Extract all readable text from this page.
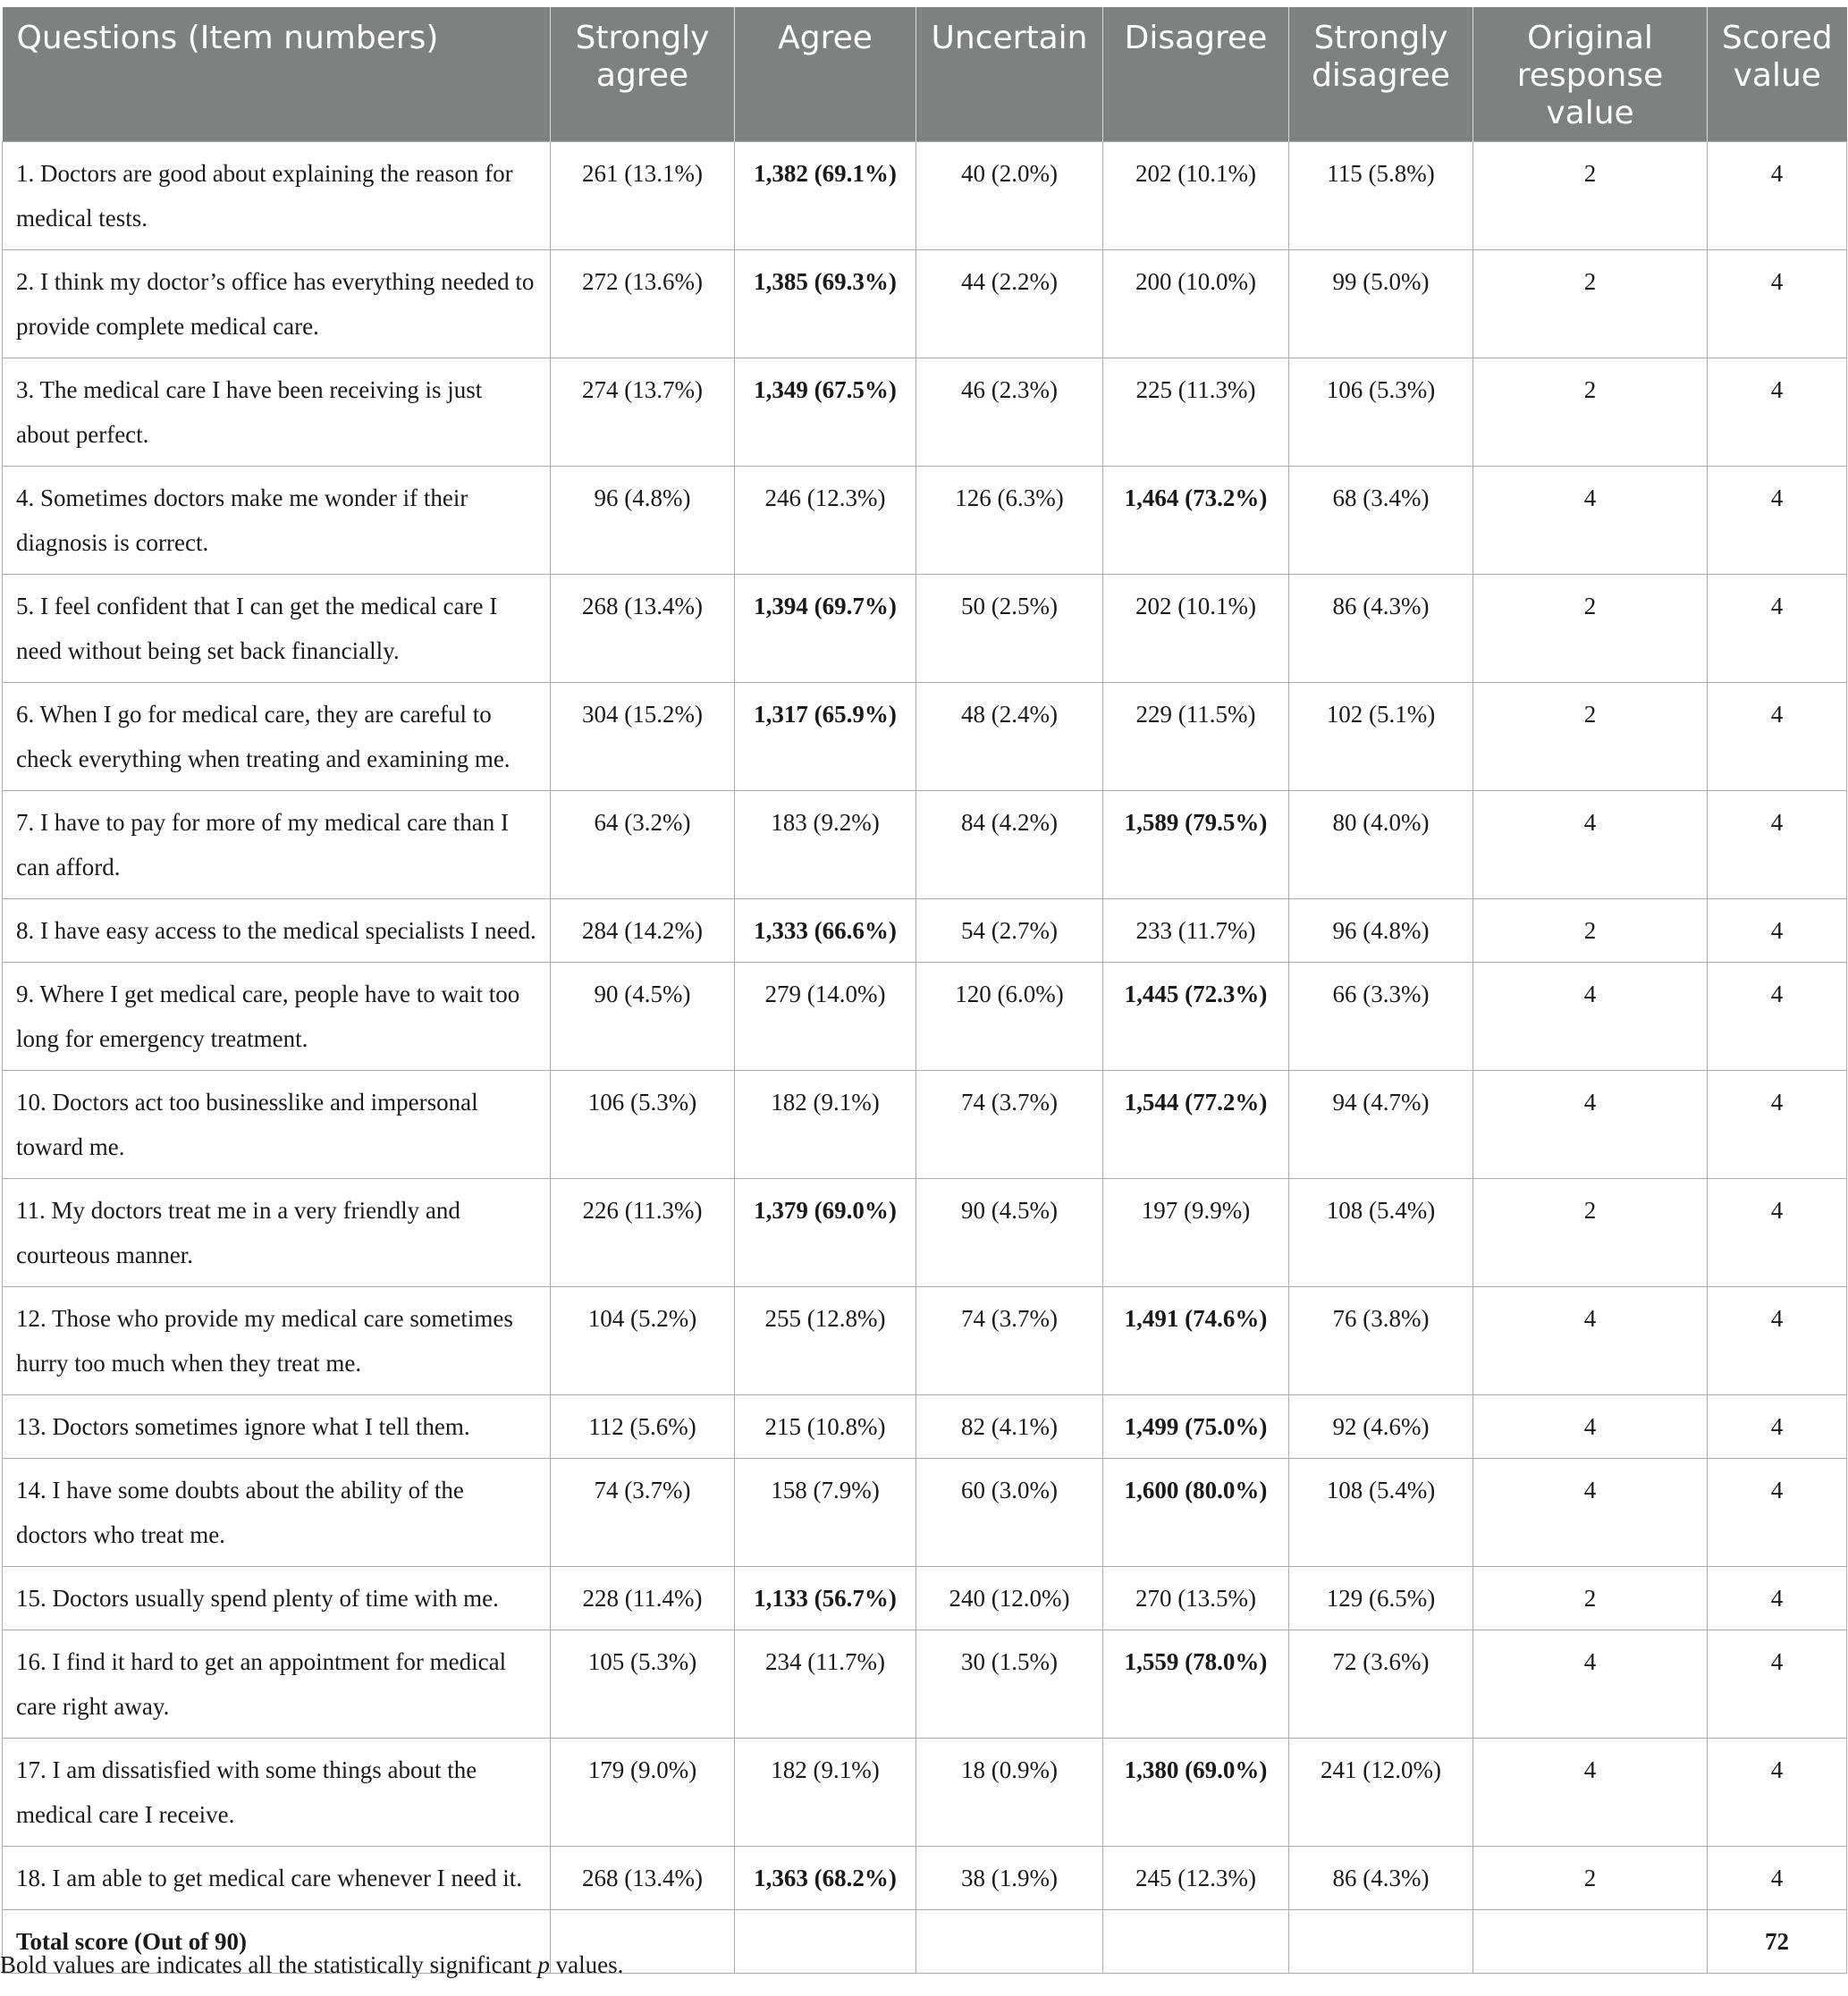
Questions (Item numbers)	Strongly agree	Agree	Uncertain	Disagree	Strongly disagree	Original response value	Scored value
1. Doctors are good about explaining the reason for medical tests.	261 (13.1%)	1,382 (69.1%)	40 (2.0%)	202 (10.1%)	115 (5.8%)	2	4
2. I think my doctor’s office has everything needed to provide complete medical care.	272 (13.6%)	1,385 (69.3%)	44 (2.2%)	200 (10.0%)	99 (5.0%)	2	4
3. The medical care I have been receiving is just about perfect.	274 (13.7%)	1,349 (67.5%)	46 (2.3%)	225 (11.3%)	106 (5.3%)	2	4
4. Sometimes doctors make me wonder if their diagnosis is correct.	96 (4.8%)	246 (12.3%)	126 (6.3%)	1,464 (73.2%)	68 (3.4%)	4	4
5. I feel confident that I can get the medical care I need without being set back financially.	268 (13.4%)	1,394 (69.7%)	50 (2.5%)	202 (10.1%)	86 (4.3%)	2	4
6. When I go for medical care, they are careful to check everything when treating and examining me.	304 (15.2%)	1,317 (65.9%)	48 (2.4%)	229 (11.5%)	102 (5.1%)	2	4
7. I have to pay for more of my medical care than I can afford.	64 (3.2%)	183 (9.2%)	84 (4.2%)	1,589 (79.5%)	80 (4.0%)	4	4
8. I have easy access to the medical specialists I need.	284 (14.2%)	1,333 (66.6%)	54 (2.7%)	233 (11.7%)	96 (4.8%)	2	4
9. Where I get medical care, people have to wait too long for emergency treatment.	90 (4.5%)	279 (14.0%)	120 (6.0%)	1,445 (72.3%)	66 (3.3%)	4	4
10. Doctors act too businesslike and impersonal toward me.	106 (5.3%)	182 (9.1%)	74 (3.7%)	1,544 (77.2%)	94 (4.7%)	4	4
11. My doctors treat me in a very friendly and courteous manner.	226 (11.3%)	1,379 (69.0%)	90 (4.5%)	197 (9.9%)	108 (5.4%)	2	4
12. Those who provide my medical care sometimes hurry too much when they treat me.	104 (5.2%)	255 (12.8%)	74 (3.7%)	1,491 (74.6%)	76 (3.8%)	4	4
13. Doctors sometimes ignore what I tell them.	112 (5.6%)	215 (10.8%)	82 (4.1%)	1,499 (75.0%)	92 (4.6%)	4	4
14. I have some doubts about the ability of the doctors who treat me.	74 (3.7%)	158 (7.9%)	60 (3.0%)	1,600 (80.0%)	108 (5.4%)	4	4
15. Doctors usually spend plenty of time with me.	228 (11.4%)	1,133 (56.7%)	240 (12.0%)	270 (13.5%)	129 (6.5%)	2	4
16. I find it hard to get an appointment for medical care right away.	105 (5.3%)	234 (11.7%)	30 (1.5%)	1,559 (78.0%)	72 (3.6%)	4	4
17. I am dissatisfied with some things about the medical care I receive.	179 (9.0%)	182 (9.1%)	18 (0.9%)	1,380 (69.0%)	241 (12.0%)	4	4
18. I am able to get medical care whenever I need it.	268 (13.4%)	1,363 (68.2%)	38 (1.9%)	245 (12.3%)	86 (4.3%)	2	4
Total score (Out of 90)							72
Bold values are indicates all the statistically significant p values.
